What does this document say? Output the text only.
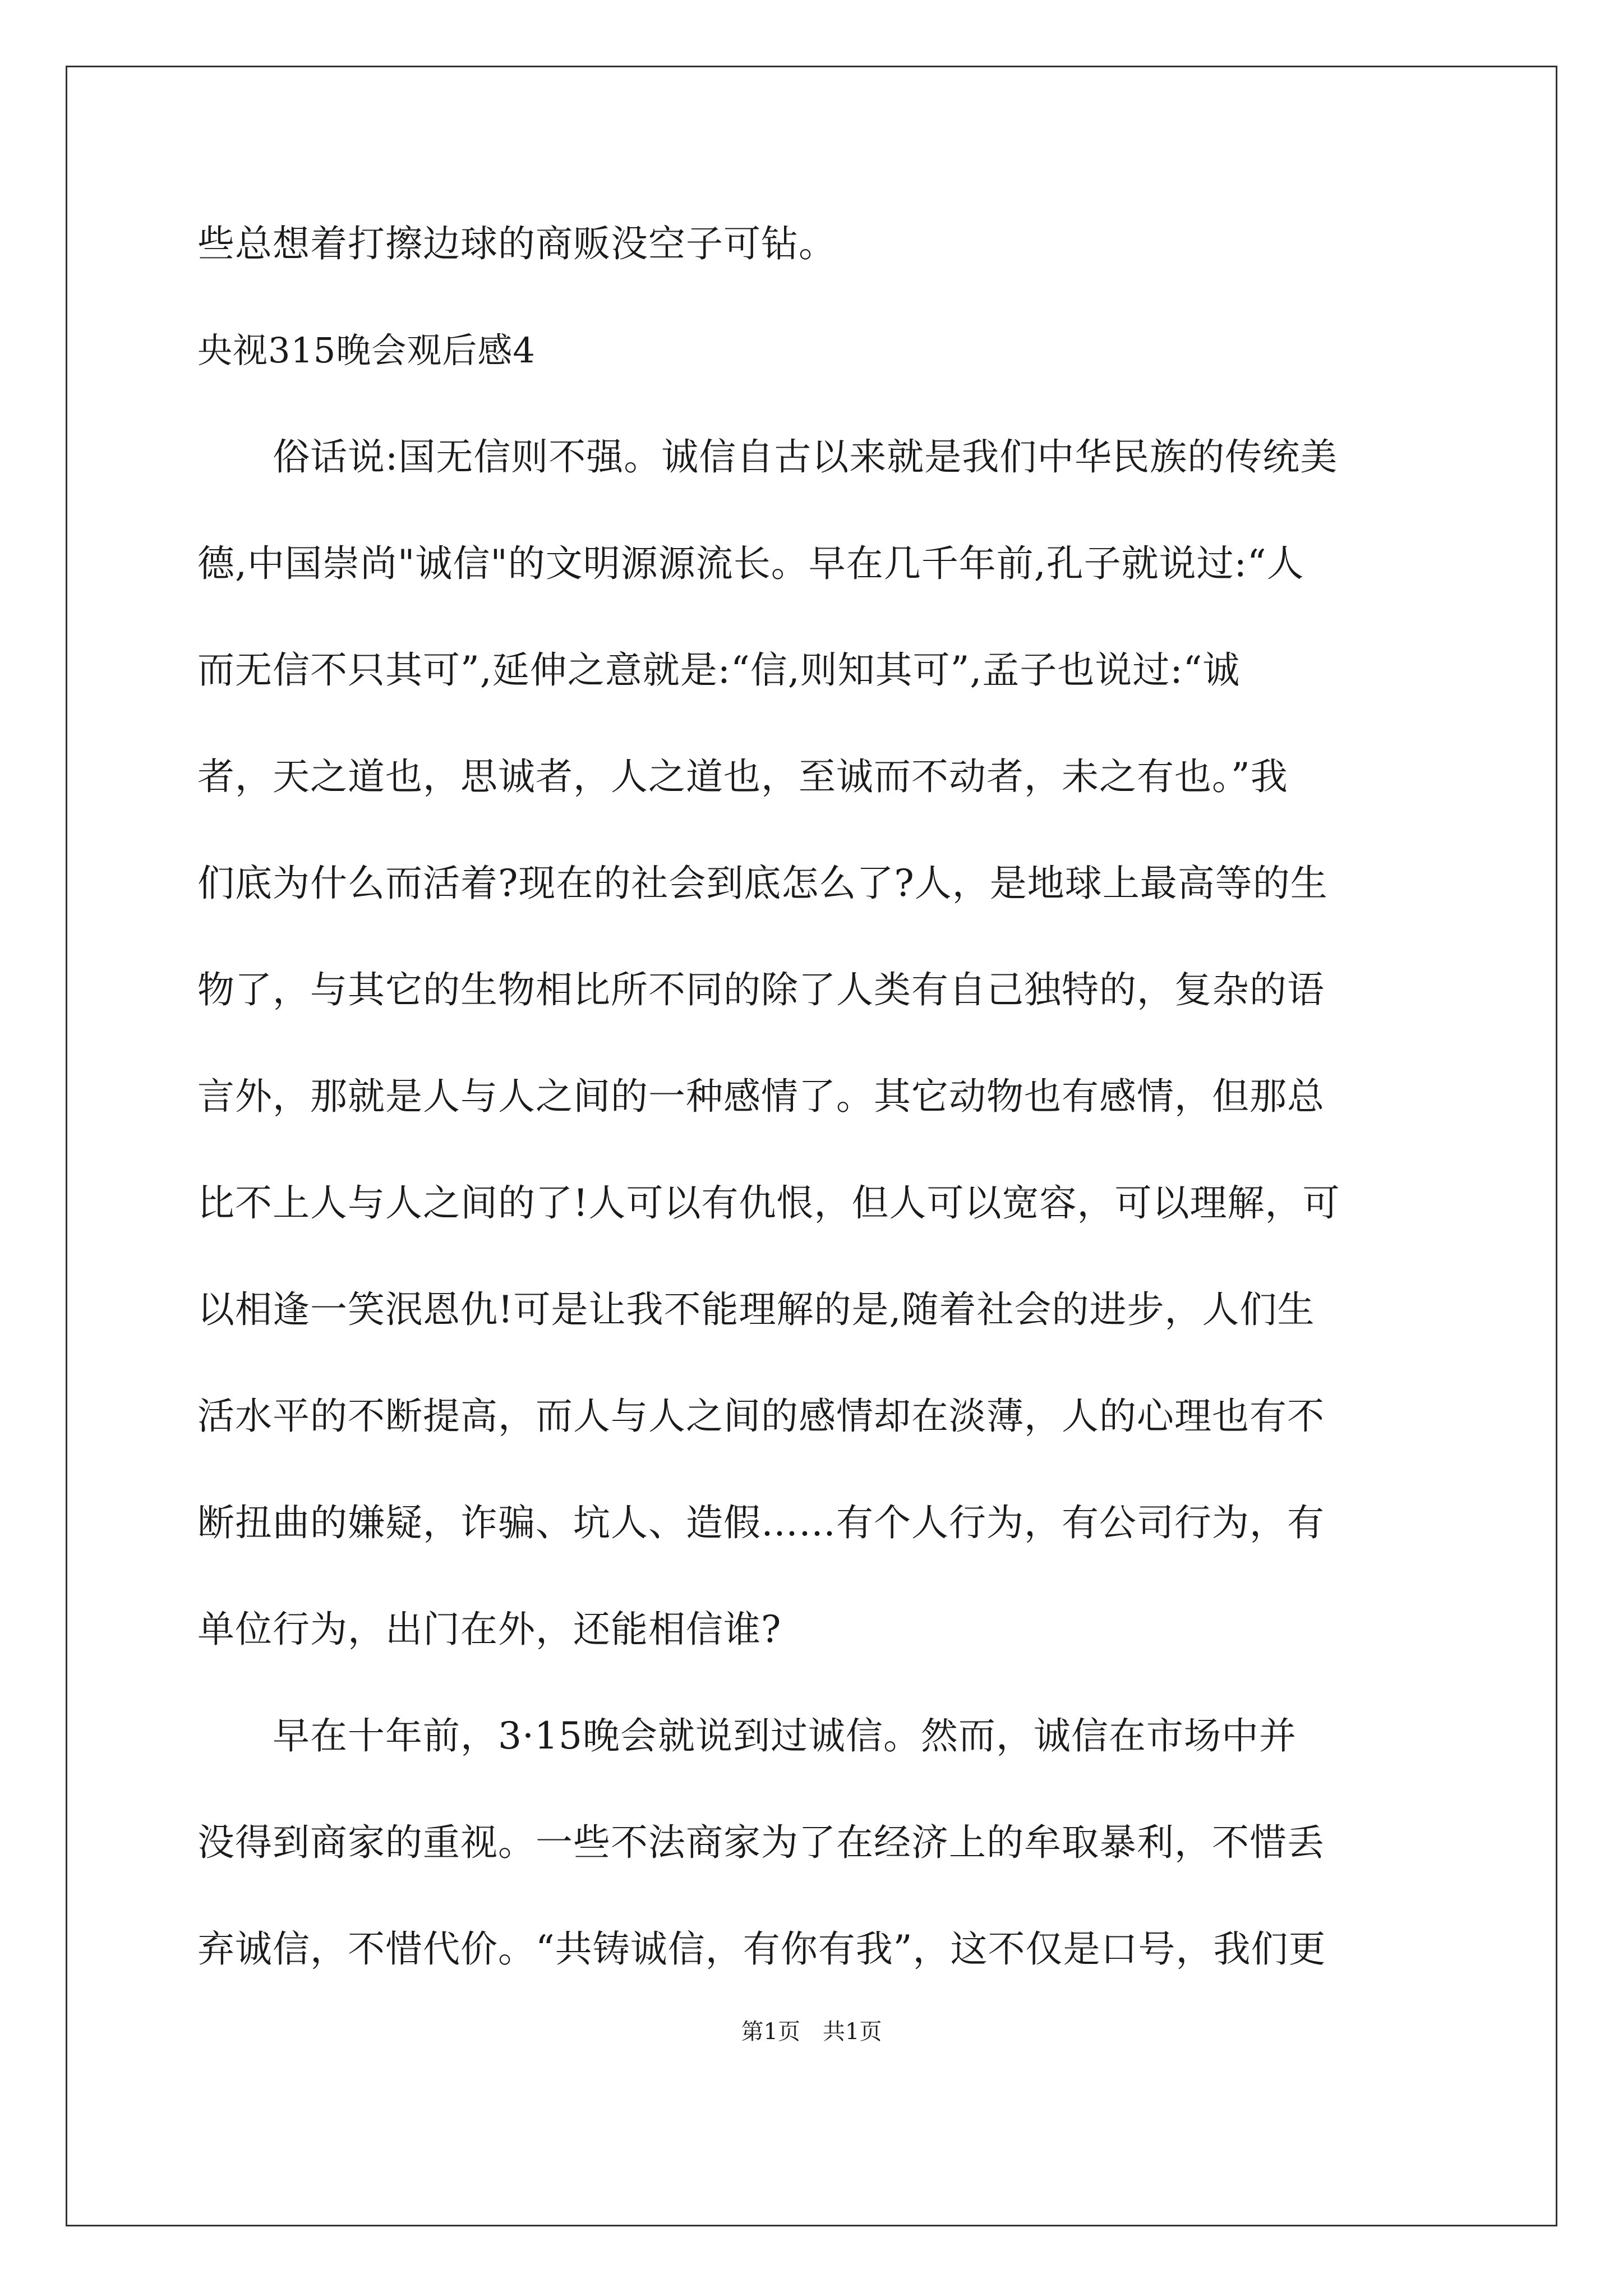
些总想着打擦边球的商贩没空子可钻。
央视315晚会观后感4
　　俗话说:国无信则不强。诚信自古以来就是我们中华民族的传统美
德,中国崇尚"诚信"的文明源源流长。早在几千年前,孔子就说过:“人
而无信不只其可”,延伸之意就是:“信,则知其可”,孟子也说过:“诚
者，天之道也，思诚者，人之道也，至诚而不动者，未之有也。”我
们底为什么而活着?现在的社会到底怎么了?人，是地球上最高等的生
物了，与其它的生物相比所不同的除了人类有自己独特的，复杂的语
言外，那就是人与人之间的一种感情了。其它动物也有感情，但那总
比不上人与人之间的了!人可以有仇恨，但人可以宽容，可以理解，可
以相逢一笑泯恩仇!可是让我不能理解的是,随着社会的进步，人们生
活水平的不断提高，而人与人之间的感情却在淡薄，人的心理也有不
断扭曲的嫌疑，诈骗、坑人、造假……有个人行为，有公司行为，有
单位行为，出门在外，还能相信谁?
　　早在十年前，3·15晚会就说到过诚信。然而，诚信在市场中并
没得到商家的重视。一些不法商家为了在经济上的牟取暴利，不惜丢
弃诚信，不惜代价。“共铸诚信，有你有我”，这不仅是口号，我们更
第1页　共1页
